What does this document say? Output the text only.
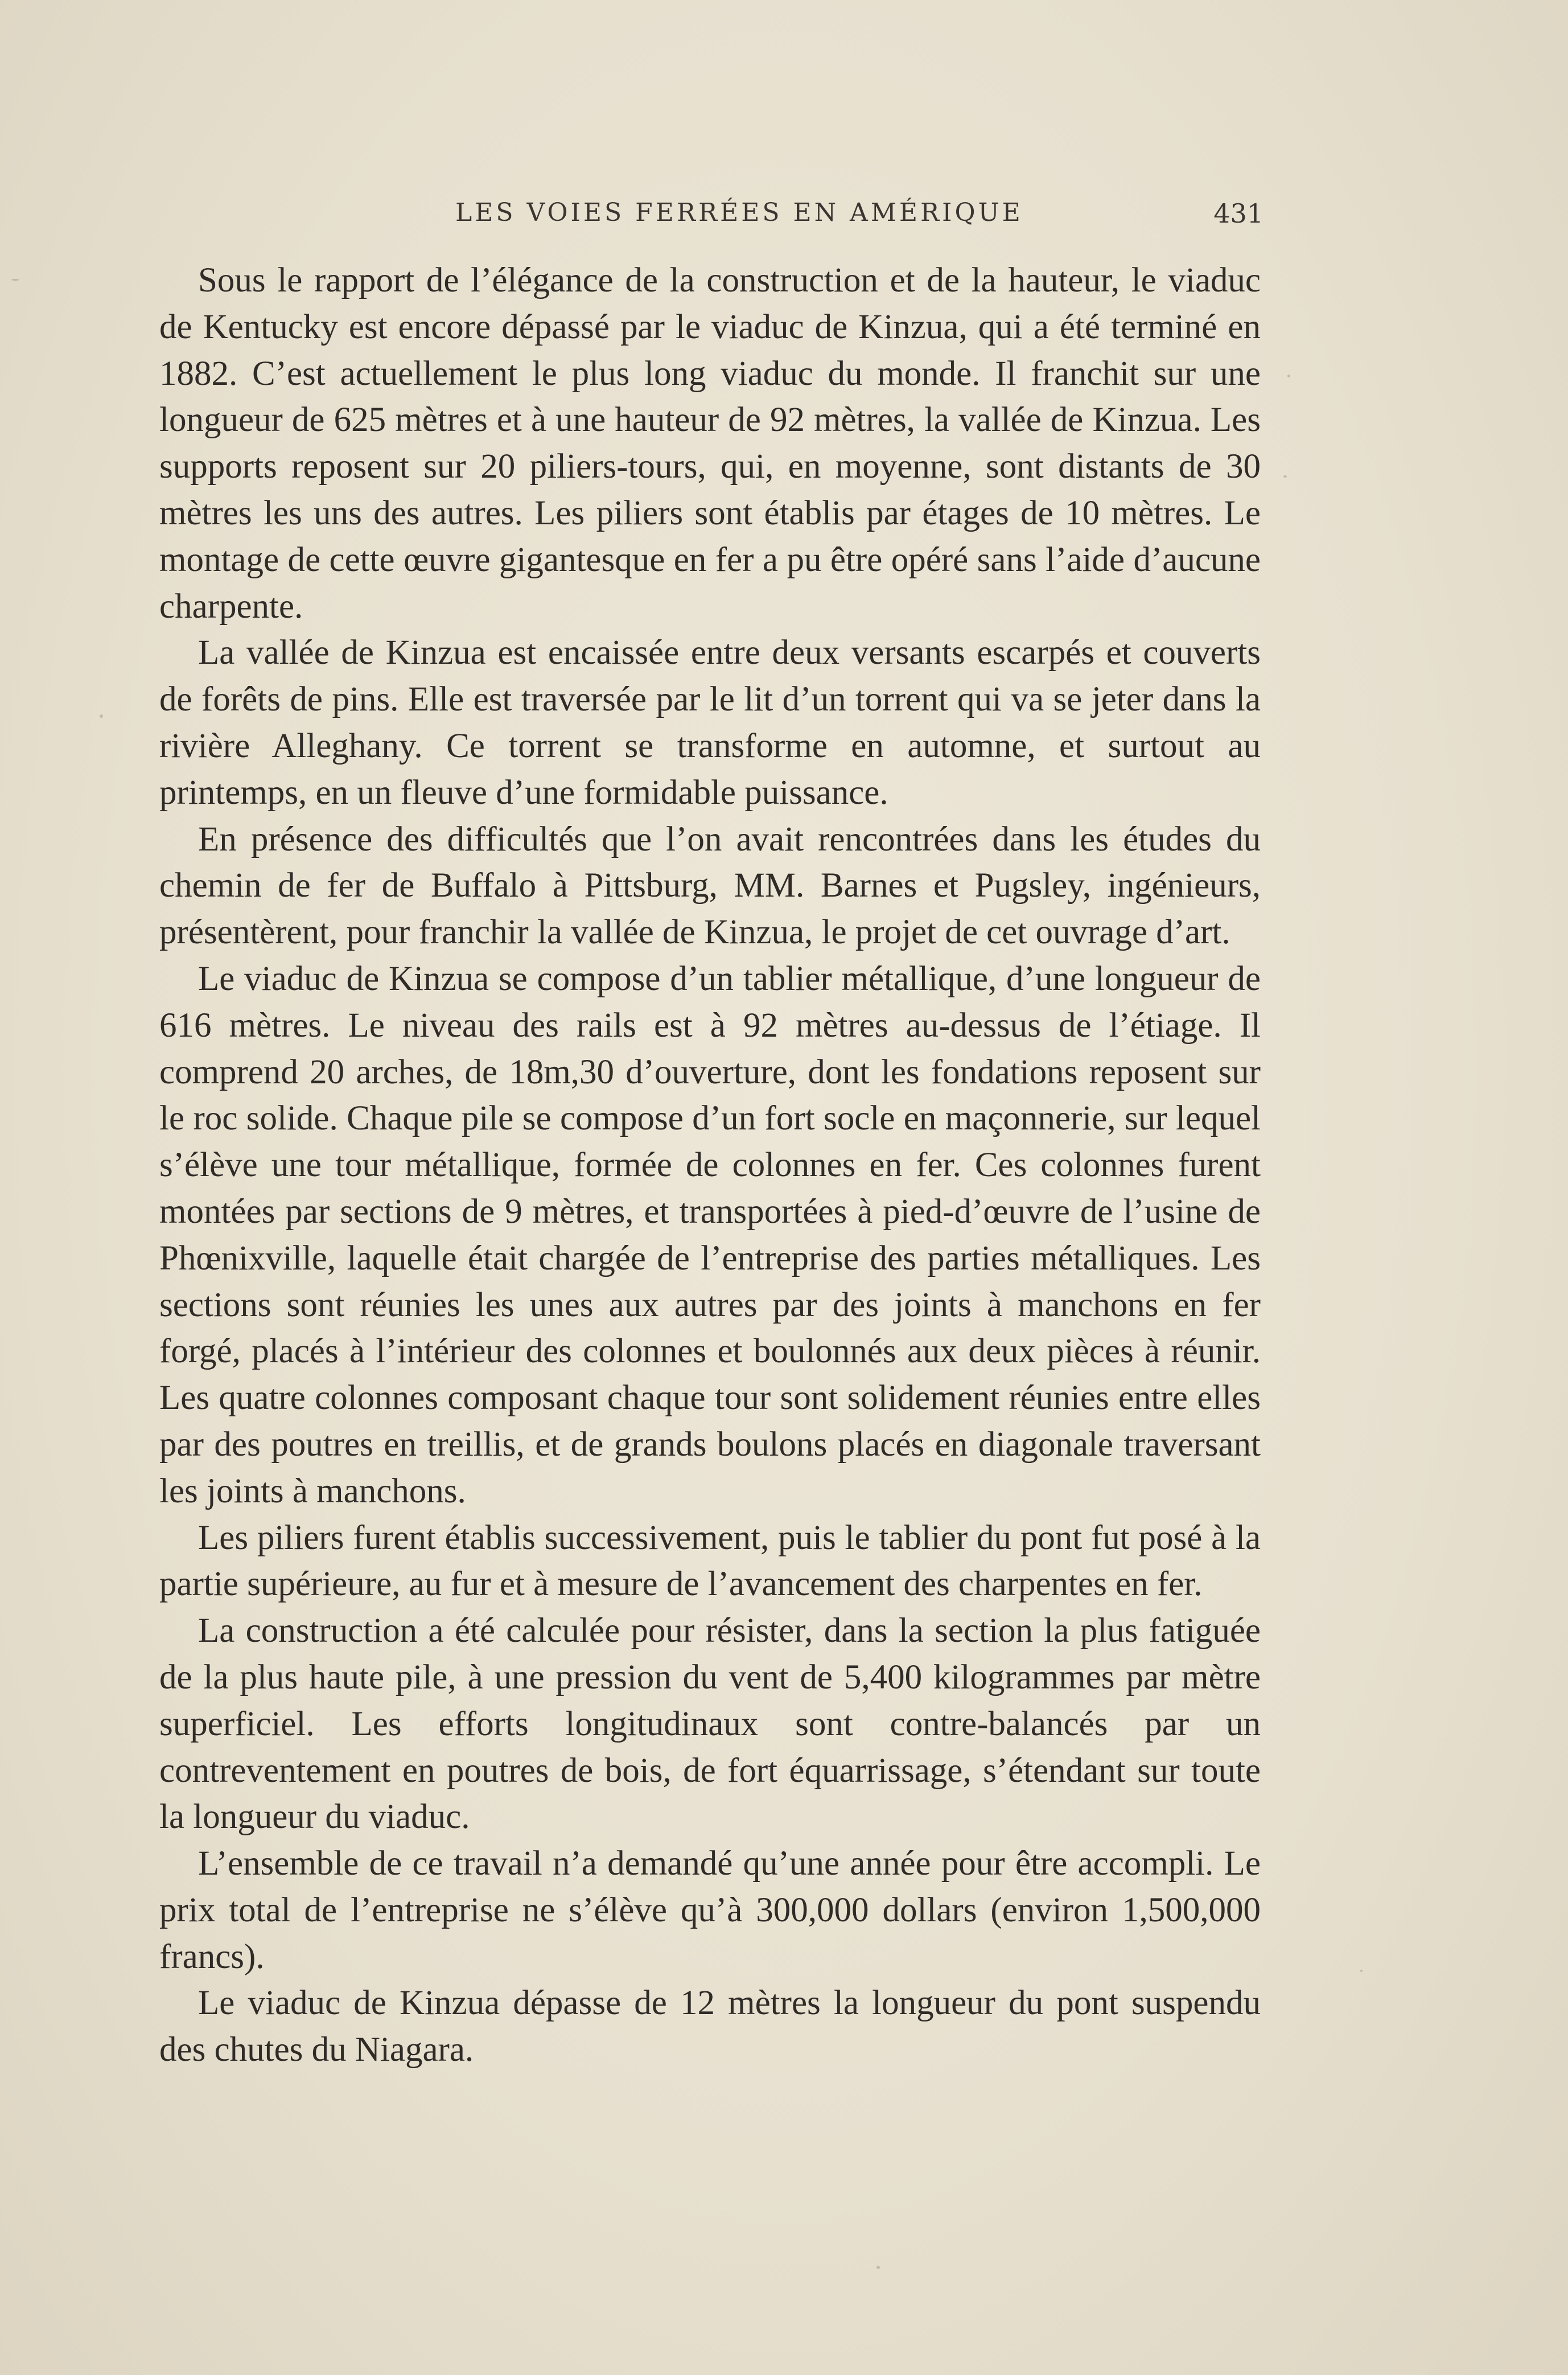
LES VOIES FERRÉES EN AMÉRIQUE	431

Sous le rapport de l’élégance de la construction et de la hauteur, le viaduc de Kentucky est encore dépassé par le viaduc de Kinzua, qui a été terminé en 1882. C’est actuellement le plus long viaduc du monde. Il franchit sur une longueur de 625 mètres et à une hauteur de 92 mètres, la vallée de Kinzua. Les supports reposent sur 20 piliers-tours, qui, en moyenne, sont distants de 30 mètres les uns des autres. Les piliers sont établis par étages de 10 mètres. Le montage de cette œuvre gigantesque en fer a pu être opéré sans l’aide d’aucune charpente.

La vallée de Kinzua est encaissée entre deux versants escarpés et couverts de forêts de pins. Elle est traversée par le lit d’un torrent qui va se jeter dans la rivière Alleghany. Ce torrent se transforme en automne, et surtout au printemps, en un fleuve d’une formidable puissance.

En présence des difficultés que l’on avait rencontrées dans les études du chemin de fer de Buffalo à Pittsburg, MM. Barnes et Pugsley, ingénieurs, présentèrent, pour franchir la vallée de Kinzua, le projet de cet ouvrage d’art.

Le viaduc de Kinzua se compose d’un tablier métallique, d’une longueur de 616 mètres. Le niveau des rails est à 92 mètres au-dessus de l’étiage. Il comprend 20 arches, de 18m,30 d’ouverture, dont les fondations reposent sur le roc solide. Chaque pile se compose d’un fort socle en maçonnerie, sur lequel s’élève une tour métallique, formée de colonnes en fer. Ces colonnes furent montées par sections de 9 mètres, et transportées à pied-d’œuvre de l’usine de Phœnixville, laquelle était chargée de l’entreprise des parties métalliques. Les sections sont réunies les unes aux autres par des joints à manchons en fer forgé, placés à l’intérieur des colonnes et boulonnés aux deux pièces à réunir. Les quatre colonnes composant chaque tour sont solidement réunies entre elles par des poutres en treillis, et de grands boulons placés en diagonale traversant les joints à manchons.

Les piliers furent établis successivement, puis le tablier du pont fut posé à la partie supérieure, au fur et à mesure de l’avancement des charpentes en fer.

La construction a été calculée pour résister, dans la section la plus fatiguée de la plus haute pile, à une pression du vent de 5,400 kilogrammes par mètre superficiel. Les efforts longitudinaux sont contre-balancés par un contreventement en poutres de bois, de fort équarrissage, s’étendant sur toute la longueur du viaduc.

L’ensemble de ce travail n’a demandé qu’une année pour être accompli. Le prix total de l’entreprise ne s’élève qu’à 300,000 dollars (environ 1,500,000 francs).

Le viaduc de Kinzua dépasse de 12 mètres la longueur du pont suspendu des chutes du Niagara.
